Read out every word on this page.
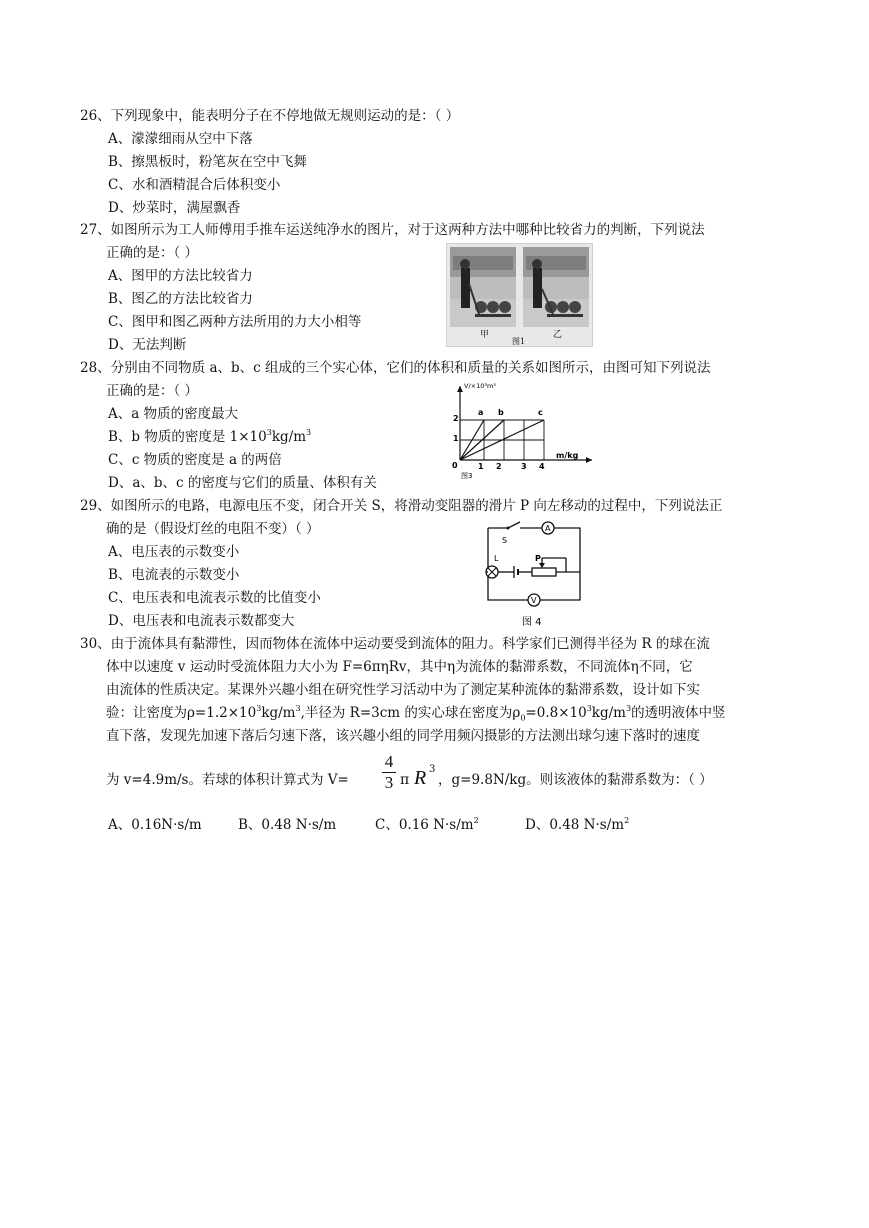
26、下列现象中，能表明分子在不停地做无规则运动的是：（ ）
A、濛濛细雨从空中下落
B、擦黑板时，粉笔灰在空中飞舞
C、水和酒精混合后体积变小
D、炒菜时，满屋飘香
27、如图所示为工人师傅用手推车运送纯净水的图片，对于这两种方法中哪种比较省力的判断，下列说法
正确的是：（ ）
A、图甲的方法比较省力
B、图乙的方法比较省力
C、图甲和图乙两种方法所用的力大小相等
D、无法判断
甲	乙
图1
28、分别由不同物质 a、b、c 组成的三个实心体，它们的体积和质量的关系如图所示，由图可知下列说法
正确的是：（ ）
A、a 物质的密度最大
B、b 物质的密度是 $1\times 10^3kg/m^3$
C、c 物质的密度是 a 的两倍
D、a、b、c 的密度与它们的质量、体积有关
V/×10³m³
m/kg
0
1
2
1 2 3 4
a b	c
图3
29、如图所示的电路，电源电压不变，闭合开关 S，将滑动变阻器的滑片 P 向左移动的过程中，下列说法正
确的是（假设灯丝的电阻不变）（ ）
A、电压表的示数变小
B、电流表的示数变小
C、电压表和电流表示数的比值变小
D、电压表和电流表示数都变大
A
S
L	P
V
图 4
30、由于流体具有黏滞性，因而物体在流体中运动要受到流体的阻力。科学家们已测得半径为 R 的球在流
体中以速度 v 运动时受流体阻力大小为 F=6πηRv，其中η为流体的黏滞系数，不同流体η不同，它
由流体的性质决定。某课外兴趣小组在研究性学习活动中为了测定某种流体的黏滞系数，设计如下实
验：让密度为$\rho=1.2\times 10^3kg/m^3$,半径为 R=3cm 的实心球在密度为$\rho_0=0.8\times 10^3kg/m^3$的透明液体中竖
直下落，发现先加速下落后匀速下落，该兴趣小组的同学用频闪摄影的方法测出球匀速下落时的速度
为 v=4.9m/s。若球的体积计算式为 V=
4
3 π R 3
，g=9.8N/kg。则该液体的黏滞系数为：（ ）
A、0.16N·s/m	B、0.48 N·s/m	C、0.16 $N\cdot s/m^2$	D、0.48 $N\cdot s/m^2$
